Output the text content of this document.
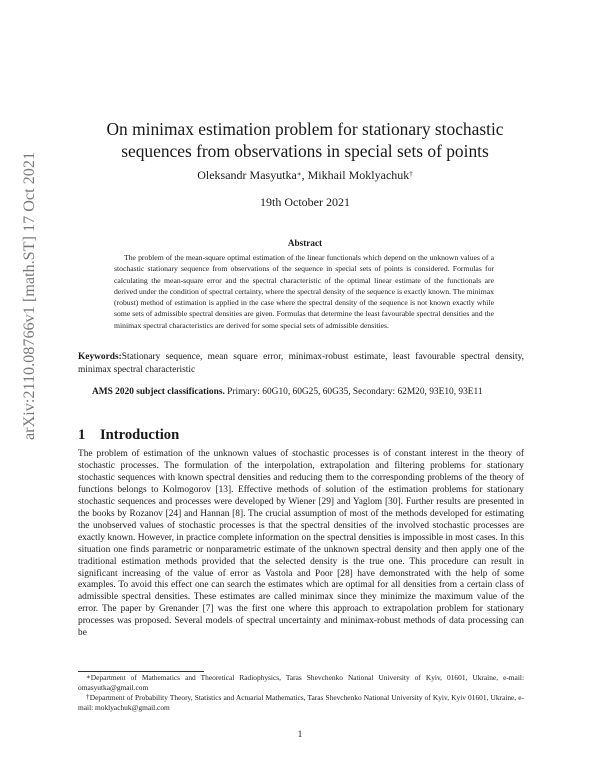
arXiv:2110.08766v1 [math.ST] 17 Oct 2021
On minimax estimation problem for stationary stochastic sequences from observations in special sets of points
Oleksandr Masyutka∗, Mikhail Moklyachuk†
19th October 2021
Abstract

The problem of the mean-square optimal estimation of the linear functionals which depend on the unknown values of a stochastic stationary sequence from observations of the sequence in special sets of points is considered. Formulas for calculating the mean-square error and the spectral characteristic of the optimal linear estimate of the functionals are derived under the condition of spectral certainty, where the spectral density of the sequence is exactly known. The minimax (robust) method of estimation is applied in the case where the spectral density of the sequence is not known exactly while some sets of admissible spectral densities are given. Formulas that determine the least favourable spectral densities and the minimax spectral characteristics are derived for some special sets of admissible densities.

Keywords:Stationary sequence, mean square error, minimax-robust estimate, least favourable spectral density, minimax spectral characteristic
AMS 2020 subject classifications. Primary: 60G10, 60G25, 60G35, Secondary: 62M20, 93E10, 93E11
1 Introduction

The problem of estimation of the unknown values of stochastic processes is of constant interest in the theory of stochastic processes. The formulation of the interpolation, extrapolation and filtering problems for stationary stochastic sequences with known spectral densities and reducing them to the corresponding problems of the theory of functions belongs to Kolmogorov [13]. Effective methods of solution of the estimation problems for stationary stochastic sequences and processes were developed by Wiener [29] and Yaglom [30]. Further results are presented in the books by Rozanov [24] and Hannan [8]. The crucial assumption of most of the methods developed for estimating the unobserved values of stochastic processes is that the spectral densities of the involved stochastic processes are exactly known. However, in practice complete information on the spectral densities is impossible in most cases. In this situation one finds parametric or nonparametric estimate of the unknown spectral density and then apply one of the traditional estimation methods provided that the selected density is the true one. This procedure can result in significant increasing of the value of error as Vastola and Poor [28] have demonstrated with the help of some examples. To avoid this effect one can search the estimates which are optimal for all densities from a certain class of admissible spectral densities. These estimates are called minimax since they minimize the maximum value of the error. The paper by Grenander [7] was the first one where this approach to extrapolation problem for stationary processes was proposed. Several models of spectral uncertainty and minimax-robust methods of data processing can be

∗Department of Mathematics and Theoretical Radiophysics, Taras Shevchenko National University of Kyiv, 01601, Ukraine, e-mail: omasyutka@gmail.com
†Department of Probability Theory, Statistics and Actuarial Mathematics, Taras Shevchenko National University of Kyiv, Kyiv 01601, Ukraine, e-mail: moklyachuk@gmail.com
1
